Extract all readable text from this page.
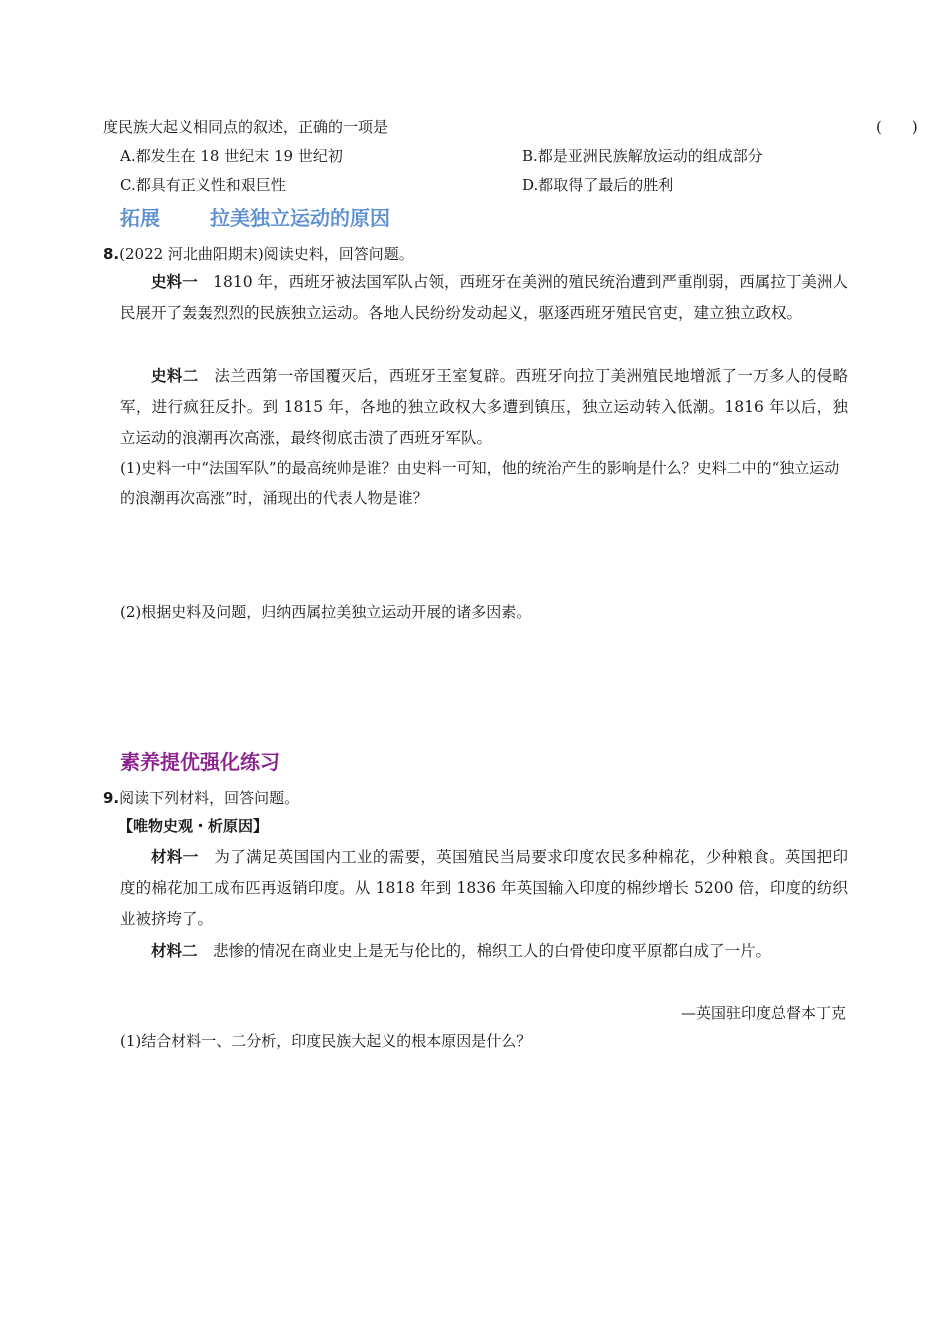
度民族大起义相同点的叙述，正确的一项是	(　　)
A.都发生在 18 世纪末 19 世纪初	B.都是亚洲民族解放运动的组成部分
C.都具有正义性和艰巨性	D.都取得了最后的胜利
拓展	拉美独立运动的原因
8.(2022 河北曲阳期末)阅读史料，回答问题。
史料一  1810 年，西班牙被法国军队占领，西班牙在美洲的殖民统治遭到严重削弱，西属拉丁美洲人民展开了轰轰烈烈的民族独立运动。各地人民纷纷发动起义，驱逐西班牙殖民官吏，建立独立政权。
史料二  法兰西第一帝国覆灭后，西班牙王室复辟。西班牙向拉丁美洲殖民地增派了一万多人的侵略军，进行疯狂反扑。到 1815 年，各地的独立政权大多遭到镇压，独立运动转入低潮。1816 年以后，独立运动的浪潮再次高涨，最终彻底击溃了西班牙军队。
(1)史料一中“法国军队”的最高统帅是谁？由史料一可知，他的统治产生的影响是什么？史料二中的“独立运动的浪潮再次高涨”时，涌现出的代表人物是谁？
(2)根据史料及问题，归纳西属拉美独立运动开展的诸多因素。
素养提优强化练习
9.阅读下列材料，回答问题。
【唯物史观・析原因】
材料一  为了满足英国国内工业的需要，英国殖民当局要求印度农民多种棉花，少种粮食。英国把印度的棉花加工成布匹再返销印度。从 1818 年到 1836 年英国输入印度的棉纱增长 5200 倍，印度的纺织业被挤垮了。
材料二  悲惨的情况在商业史上是无与伦比的，棉织工人的白骨使印度平原都白成了一片。
—英国驻印度总督本丁克
(1)结合材料一、二分析，印度民族大起义的根本原因是什么？
